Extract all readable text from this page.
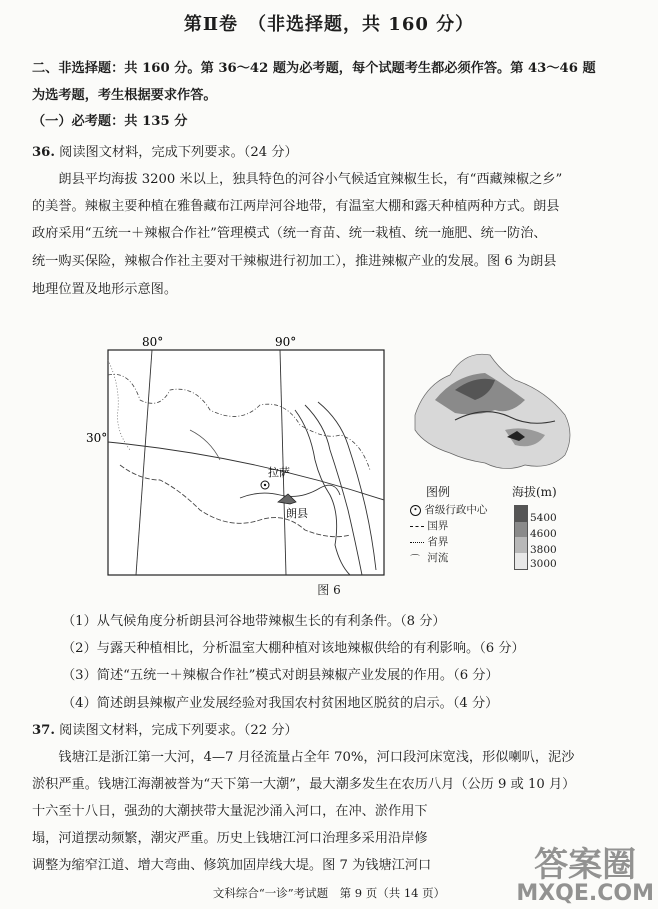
第Ⅱ卷　（非选择题，共 160 分）
二、非选择题：共 160 分。第 36～42 题为必考题，每个试题考生都必须作答。第 43～46 题
为选考题，考生根据要求作答。
（一）必考题：共 135 分
36. 阅读图文材料，完成下列要求。（24 分）
朗县平均海拔 3200 米以上，独具特色的河谷小气候适宜辣椒生长，有“西藏辣椒之乡”
的美誉。辣椒主要种植在雅鲁藏布江两岸河谷地带，有温室大棚和露天种植两种方式。朗县
政府采用“五统一＋辣椒合作社”管理模式（统一育苗、统一栽植、统一施肥、统一防治、
统一购买保险，辣椒合作社主要对干辣椒进行初加工），推进辣椒产业的发展。图 6 为朗县
地理位置及地形示意图。
80°	90°
30°
拉萨
朗县
图例
• 省级行政中心
国界
省界
⌒ 河流
海拔(m)
5400
4600
3800
3000
图 6
（1）从气候角度分析朗县河谷地带辣椒生长的有利条件。（8 分）
（2）与露天种植相比，分析温室大棚种植对该地辣椒供给的有利影响。（6 分）
（3）简述“五统一＋辣椒合作社”模式对朗县辣椒产业发展的作用。（6 分）
（4）简述朗县辣椒产业发展经验对我国农村贫困地区脱贫的启示。（4 分）
37. 阅读图文材料，完成下列要求。（22 分）
钱塘江是浙江第一大河，4—7 月径流量占全年 70%，河口段河床宽浅，形似喇叭，泥沙
淤积严重。钱塘江海潮被誉为“天下第一大潮”，最大潮多发生在农历八月（公历 9 或 10 月）
十六至十八日，强劲的大潮挟带大量泥沙涌入河口，在冲、淤作用下
塌，河道摆动频繁，潮灾严重。历史上钱塘江河口治理多采用沿岸修
调整为缩窄江道、增大弯曲、修筑加固岸线大堤。图 7 为钱塘江河口
文科综合“一诊”考试题　第 9 页（共 14 页）
答案圈
MXQE.COM
